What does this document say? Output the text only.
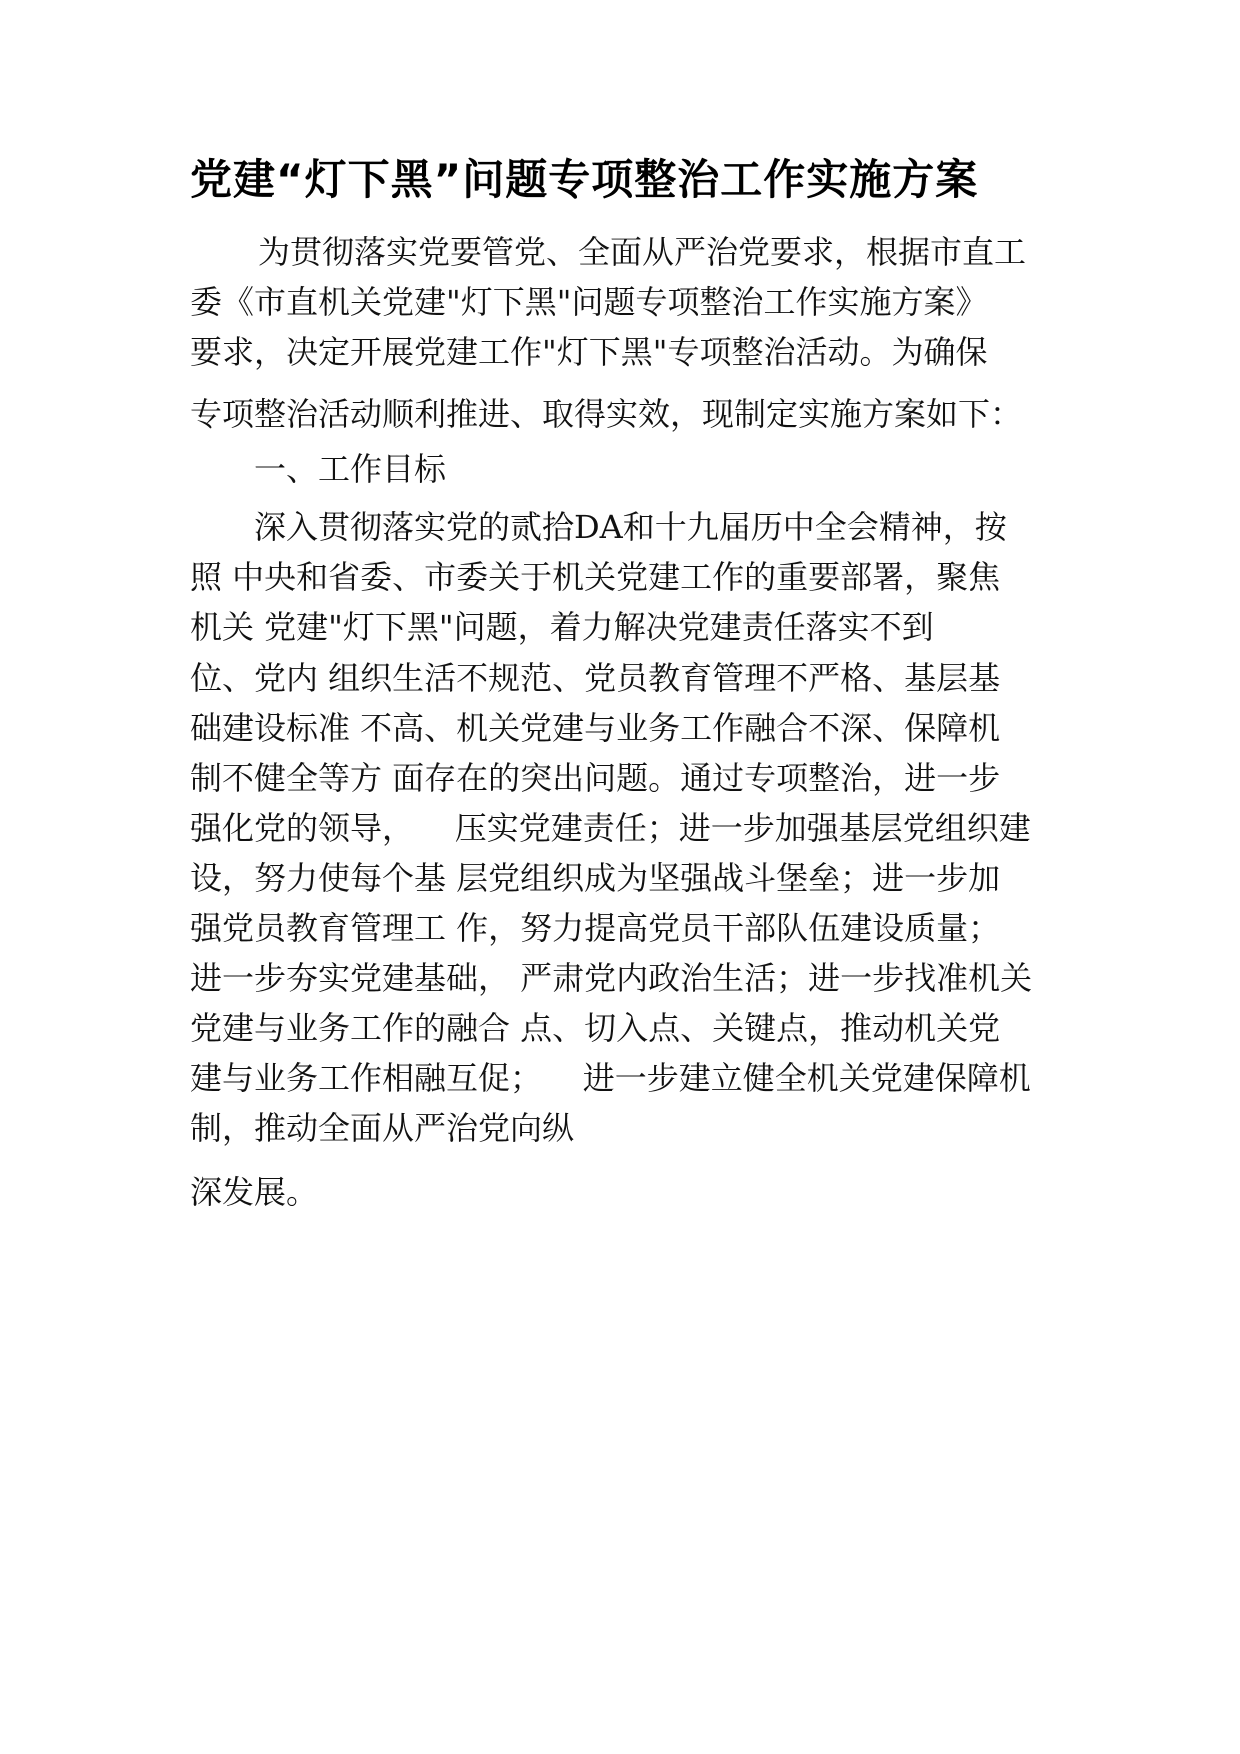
党建“灯下黑”问题专项整治工作实施方案
为贯彻落实党要管党、全面从严治党要求，根据市直工
委《市直机关党建"灯下黑"问题专项整治工作实施方案》
要求，决定开展党建工作"灯下黑"专项整治活动。为确保
专项整治活动顺利推进、取得实效，现制定实施方案如下：
一、工作目标
深入贯彻落实党的贰拾DA和十九届历中全会精神，按
照 中央和省委、市委关于机关党建工作的重要部署，聚焦
机关 党建"灯下黑"问题，着力解决党建责任落实不到
位、党内 组织生活不规范、党员教育管理不严格、基层基
础建设标准 不高、机关党建与业务工作融合不深、保障机
制不健全等方 面存在的突出问题。通过专项整治，进一步
强化党的领导，    压实党建责任；进一步加强基层党组织建
设，努力使每个基 层党组织成为坚强战斗堡垒；进一步加
强党员教育管理工 作，努力提高党员干部队伍建设质量；
进一步夯实党建基础， 严肃党内政治生活；进一步找准机关
党建与业务工作的融合 点、切入点、关键点，推动机关党
建与业务工作相融互促；    进一步建立健全机关党建保障机
制，推动全面从严治党向纵
深发展。
